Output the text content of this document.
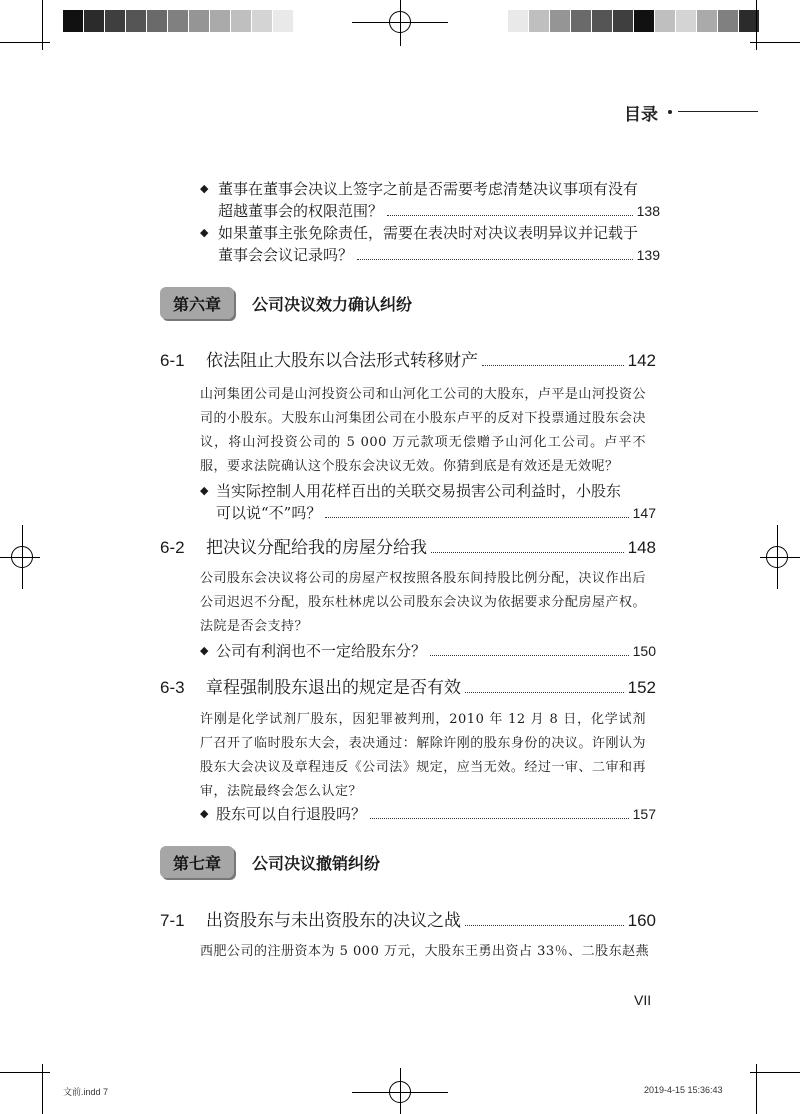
目录
◆ 董事在董事会决议上签字之前是否需要考虑清楚决议事项有没有
超越董事会的权限范围？	138
◆ 如果董事主张免除责任，需要在表决时对决议表明异议并记载于
董事会会议记录吗？	139
第六章	公司决议效力确认纠纷
6-1	依法阻止大股东以合法形式转移财产	142
山河集团公司是山河投资公司和山河化工公司的大股东，卢平是山河投资公司的小股东。大股东山河集团公司在小股东卢平的反对下投票通过股东会决议，将山河投资公司的 5 000 万元款项无偿赠予山河化工公司。卢平不服，要求法院确认这个股东会决议无效。你猜到底是有效还是无效呢？
◆ 当实际控制人用花样百出的关联交易损害公司利益时，小股东
可以说“不”吗？	147
6-2	把决议分配给我的房屋分给我	148
公司股东会决议将公司的房屋产权按照各股东间持股比例分配，决议作出后公司迟迟不分配，股东杜林虎以公司股东会决议为依据要求分配房屋产权。法院是否会支持？
◆ 公司有利润也不一定给股东分？	150
6-3	章程强制股东退出的规定是否有效	152
许刚是化学试剂厂股东，因犯罪被判刑，2010 年 12 月 8 日，化学试剂厂召开了临时股东大会，表决通过：解除许刚的股东身份的决议。许刚认为股东大会决议及章程违反《公司法》规定，应当无效。经过一审、二审和再审，法院最终会怎么认定？
◆ 股东可以自行退股吗？	157
第七章	公司决议撤销纠纷
7-1	出资股东与未出资股东的决议之战	160
西肥公司的注册资本为 5 000 万元，大股东王勇出资占 33％、二股东赵燕
VII
文前.indd 7	2019-4-15 15:36:43
